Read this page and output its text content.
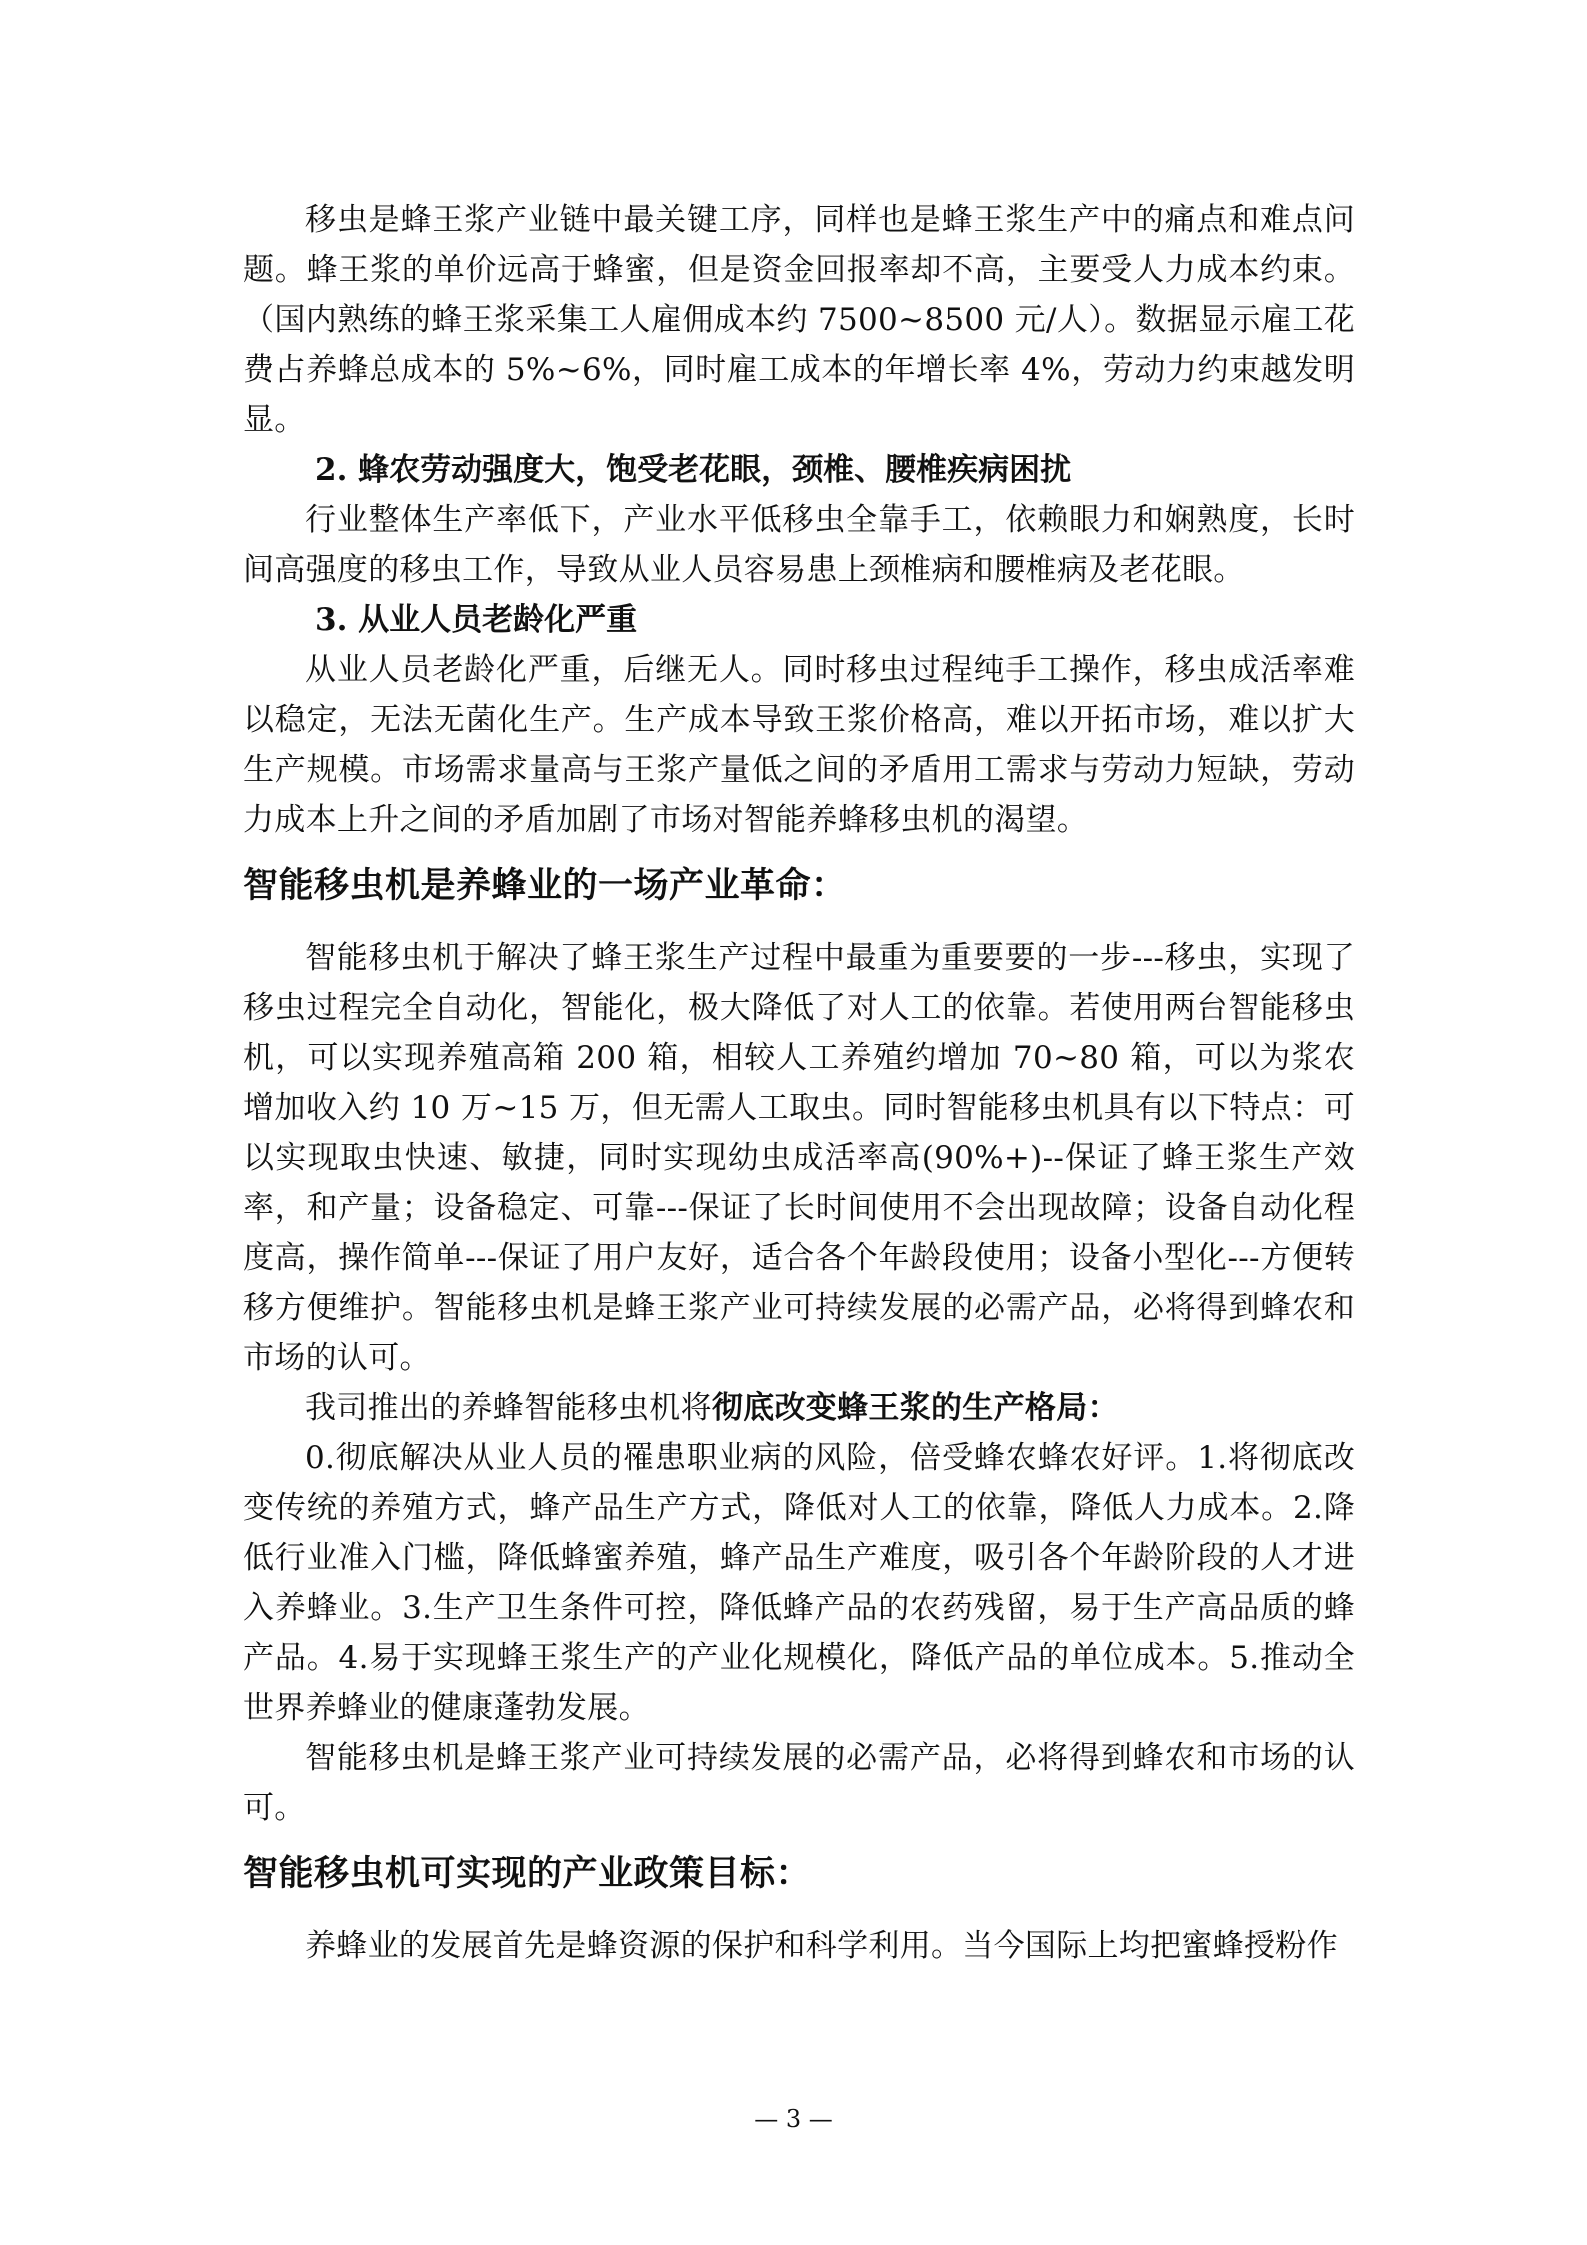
移虫是蜂王浆产业链中最关键工序，同样也是蜂王浆生产中的痛点和难点问题。蜂王浆的单价远高于蜂蜜，但是资金回报率却不高，主要受人力成本约束。（国内熟练的蜂王浆采集工人雇佣成本约 7500~8500 元/人）。数据显示雇工花费占养蜂总成本的 5%~6%，同时雇工成本的年增长率 4%，劳动力约束越发明显。

2. 蜂农劳动强度大，饱受老花眼，颈椎、腰椎疾病困扰

行业整体生产率低下，产业水平低移虫全靠手工，依赖眼力和娴熟度，长时间高强度的移虫工作，导致从业人员容易患上颈椎病和腰椎病及老花眼。

3. 从业人员老龄化严重

从业人员老龄化严重，后继无人。同时移虫过程纯手工操作，移虫成活率难以稳定，无法无菌化生产。生产成本导致王浆价格高，难以开拓市场，难以扩大生产规模。市场需求量高与王浆产量低之间的矛盾用工需求与劳动力短缺，劳动力成本上升之间的矛盾加剧了市场对智能养蜂移虫机的渴望。

智能移虫机是养蜂业的一场产业革命：

智能移虫机于解决了蜂王浆生产过程中最重为重要要的一步---移虫，实现了移虫过程完全自动化，智能化，极大降低了对人工的依靠。若使用两台智能移虫机，可以实现养殖高箱 200 箱，相较人工养殖约增加 70~80 箱，可以为浆农增加收入约 10 万~15 万，但无需人工取虫。同时智能移虫机具有以下特点：可以实现取虫快速、敏捷，同时实现幼虫成活率高(90%+)--保证了蜂王浆生产效率，和产量；设备稳定、可靠---保证了长时间使用不会出现故障；设备自动化程度高，操作简单---保证了用户友好，适合各个年龄段使用；设备小型化---方便转移方便维护。智能移虫机是蜂王浆产业可持续发展的必需产品，必将得到蜂农和市场的认可。

我司推出的养蜂智能移虫机将彻底改变蜂王浆的生产格局：

0.彻底解决从业人员的罹患职业病的风险，倍受蜂农蜂农好评。1.将彻底改变传统的养殖方式，蜂产品生产方式，降低对人工的依靠，降低人力成本。2.降低行业准入门槛，降低蜂蜜养殖，蜂产品生产难度，吸引各个年龄阶段的人才进入养蜂业。3.生产卫生条件可控，降低蜂产品的农药残留，易于生产高品质的蜂产品。4.易于实现蜂王浆生产的产业化规模化，降低产品的单位成本。5.推动全世界养蜂业的健康蓬勃发展。

智能移虫机是蜂王浆产业可持续发展的必需产品，必将得到蜂农和市场的认可。

智能移虫机可实现的产业政策目标：

养蜂业的发展首先是蜂资源的保护和科学利用。当今国际上均把蜜蜂授粉作

— 3 —
